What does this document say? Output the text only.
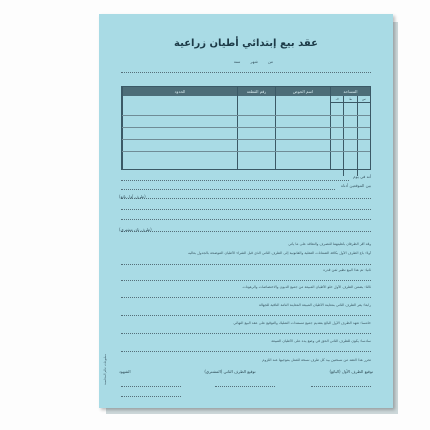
عقد بيع إبتدائي أطيان زراعية
من
شهر
سنة
المساحة
س
ط
ف
اسم الحوض
رقم القطعة
الحدود
أنه في يوم
بين الموقعين أدناه
(طرف أول بائع)
(طرف ثان مشتري)
وقد أقر الطرفان بأهليتهما للتصرف والتعاقد على ما يأتي
أولا: باع الطرف الأول بكافة الضمانات الفعلية والقانونية إلى الطرف الثاني الذي قبل الشراء الأطيان الموضحة بالجدول بعاليه
ثانيا: تم هذا البيع نظير ثمن قدره
ثالثا: يضمن الطرف الأول خلو الأطيان المبيعة من جميع الديون والاختصاصات والرهونات
رابعا: يقر الطرف الثاني بمعاينة الأطيان المبيعة المعاينة التامة النافية للجهالة
خامسا: تعهد الطرف الأول البائع بتقديم جميع مستندات التمليك والتوقيع على عقد البيع النهائي
سادسا: يكون للطرف الثاني الحق في وضع يده على الأطيان المبيعة
تحرر هذا العقد من نسختين بيد كل طرف نسخة للعمل بموجبها عند اللزوم
توقيع الطرف الأول (البائع)
توقيع الطرف الثاني (المشتري)
الشهود
مطبوعات عالم المحاسبة
